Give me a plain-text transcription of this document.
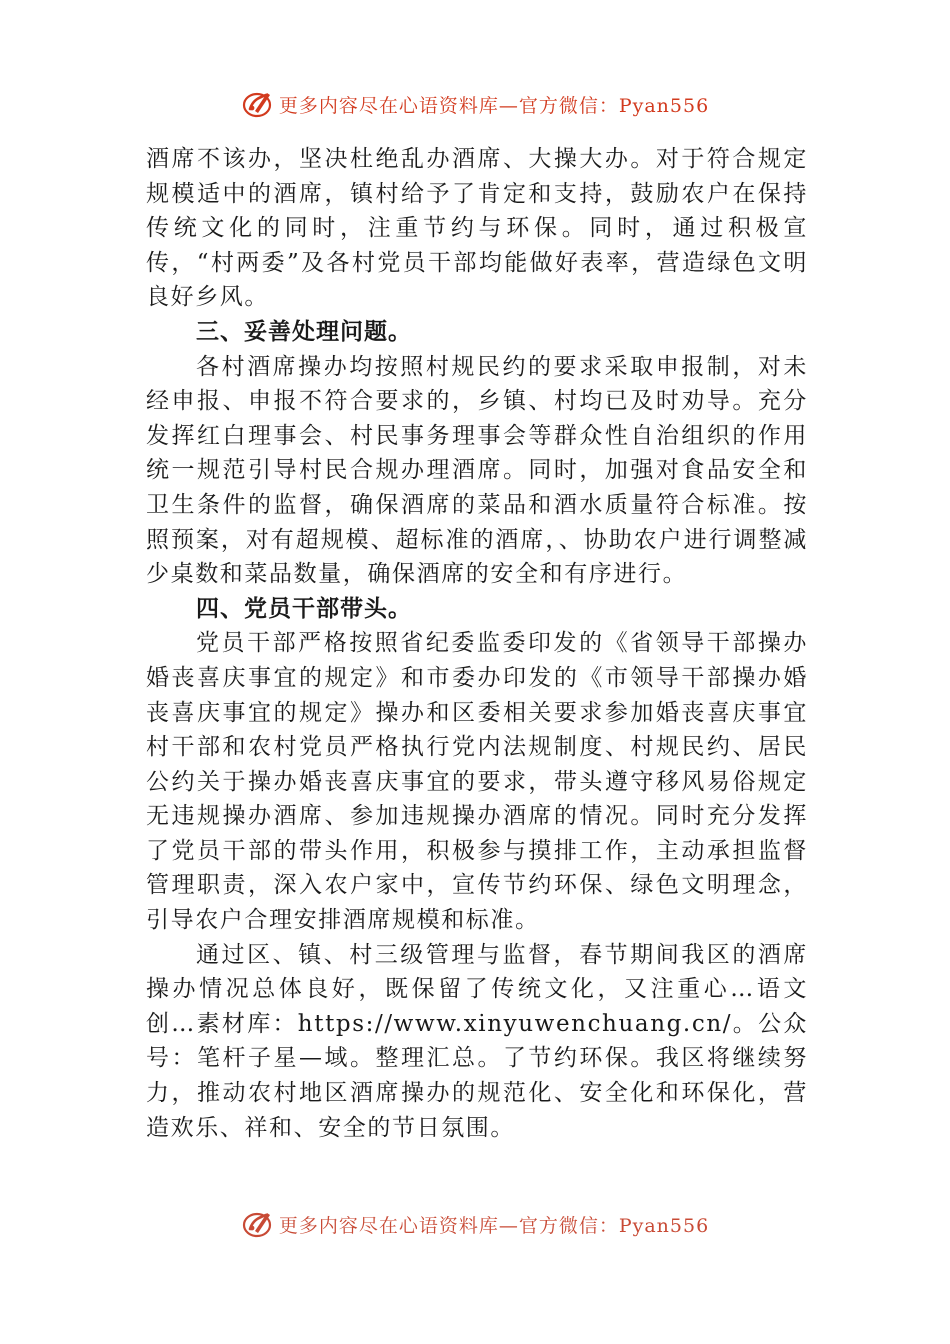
更多内容尽在心语资料库—官方微信：Pyan556

酒席不该办，坚决杜绝乱办酒席、大操大办。对于符合规定规模适中的酒席，镇村给予了肯定和支持，鼓励农户在保持传统文化的同时，注重节约与环保。同时，通过积极宣传，“村两委”及各村党员干部均能做好表率，营造绿色文明良好乡风。

三、妥善处理问题。

各村酒席操办均按照村规民约的要求采取申报制，对未经申报、申报不符合要求的，乡镇、村均已及时劝导。充分发挥红白理事会、村民事务理事会等群众性自治组织的作用统一规范引导村民合规办理酒席。同时，加强对食品安全和卫生条件的监督，确保酒席的菜品和酒水质量符合标准。按照预案，对有超规模、超标准的酒席，、协助农户进行调整减少桌数和菜品数量，确保酒席的安全和有序进行。

四、党员干部带头。

党员干部严格按照省纪委监委印发的《省领导干部操办婚丧喜庆事宜的规定》和市委办印发的《市领导干部操办婚丧喜庆事宜的规定》操办和区委相关要求参加婚丧喜庆事宜村干部和农村党员严格执行党内法规制度、村规民约、居民公约关于操办婚丧喜庆事宜的要求，带头遵守移风易俗规定无违规操办酒席、参加违规操办酒席的情况。同时充分发挥了党员干部的带头作用，积极参与摸排工作，主动承担监督管理职责，深入农户家中，宣传节约环保、绿色文明理念，引导农户合理安排酒席规模和标准。

通过区、镇、村三级管理与监督，春节期间我区的酒席操办情况总体良好，既保留了传统文化，又注重心…语文创…素材库：https://www.xinyuwenchuang.cn/。公众号：笔杆子星—域。整理汇总。了节约环保。我区将继续努力，推动农村地区酒席操办的规范化、安全化和环保化，营造欢乐、祥和、安全的节日氛围。

更多内容尽在心语资料库—官方微信：Pyan556
